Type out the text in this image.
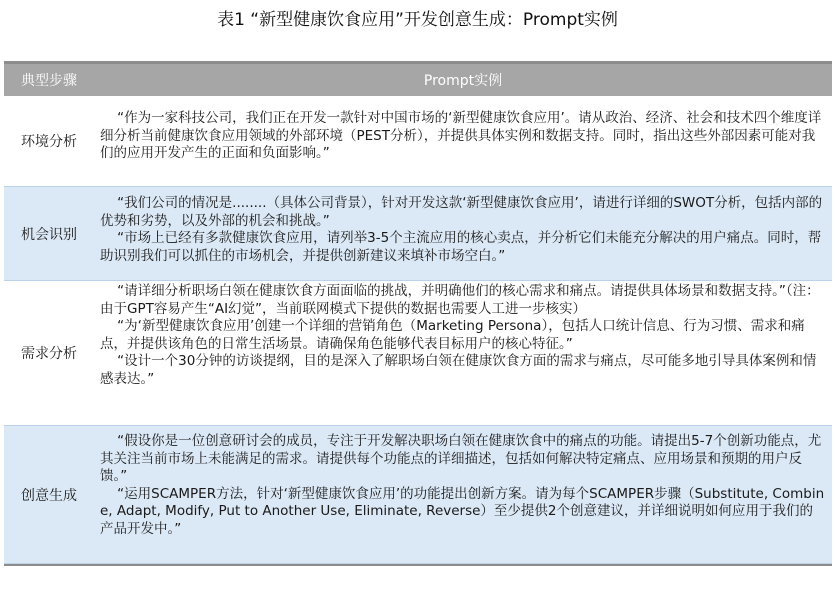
表1 “新型健康饮食应用”开发创意生成：Prompt实例
典型步骤	Prompt实例
环境分析
“作为一家科技公司，我们正在开发一款针对中国市场的‘新型健康饮食应用’。请从政治、经济、社会和技术四个维度详细分析当前健康饮食应用领域的外部环境（PEST分析），并提供具体实例和数据支持。同时，指出这些外部因素可能对我们的应用开发产生的正面和负面影响。”
机会识别
“我们公司的情况是........（具体公司背景），针对开发这款‘新型健康饮食应用’，请进行详细的SWOT分析，包括内部的优势和劣势，以及外部的机会和挑战。”
“市场上已经有多款健康饮食应用，请列举3-5个主流应用的核心卖点，并分析它们未能充分解决的用户痛点。同时，帮助识别我们可以抓住的市场机会，并提供创新建议来填补市场空白。”
需求分析
“请详细分析职场白领在健康饮食方面面临的挑战，并明确他们的核心需求和痛点。请提供具体场景和数据支持。”（注：由于GPT容易产生“AI幻觉”，当前联网模式下提供的数据也需要人工进一步核实）
“为‘新型健康饮食应用’创建一个详细的营销角色（Marketing Persona），包括人口统计信息、行为习惯、需求和痛点，并提供该角色的日常生活场景。请确保角色能够代表目标用户的核心特征。”
“设计一个30分钟的访谈提纲，目的是深入了解职场白领在健康饮食方面的需求与痛点，尽可能多地引导具体案例和情感表达。”
创意生成
“假设你是一位创意研讨会的成员，专注于开发解决职场白领在健康饮食中的痛点的功能。请提出5-7个创新功能点，尤其关注当前市场上未能满足的需求。请提供每个功能点的详细描述，包括如何解决特定痛点、应用场景和预期的用户反馈。”
“运用SCAMPER方法，针对‘新型健康饮食应用’的功能提出创新方案。请为每个SCAMPER步骤（Substitute, Combine, Adapt, Modify, Put to Another Use, Eliminate, Reverse）至少提供2个创意建议，并详细说明如何应用于我们的产品开发中。”
